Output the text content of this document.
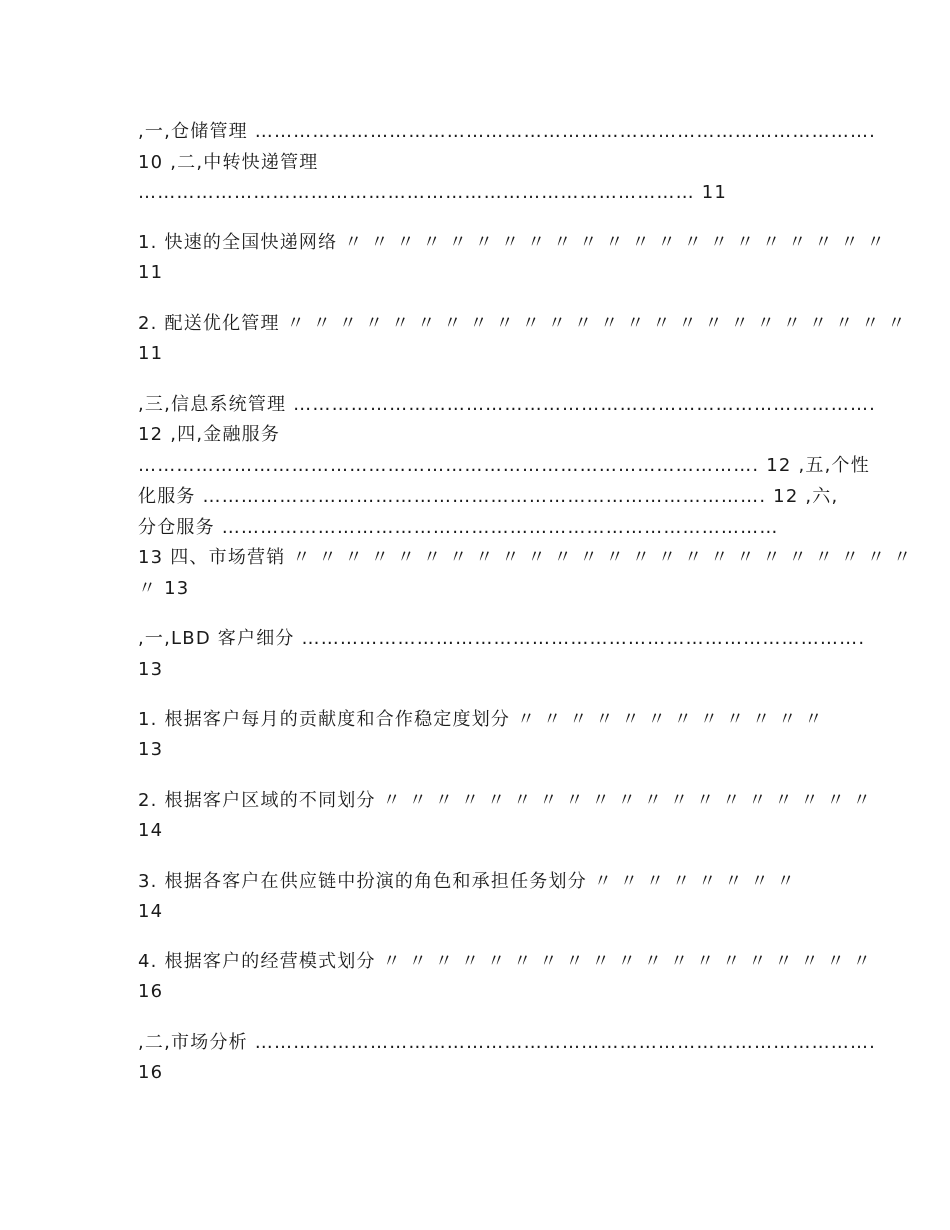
,一,仓储管理 …………………………………………………………………………………….
10 ,二,中转快递管理
…………………………………………………………………………… 11
1. 快速的全国快递网络 〃 〃 〃 〃 〃 〃 〃 〃 〃 〃 〃 〃 〃 〃 〃 〃 〃 〃 〃 〃 〃
11
2. 配送优化管理 〃 〃 〃 〃 〃 〃 〃 〃 〃 〃 〃 〃 〃 〃 〃 〃 〃 〃 〃 〃 〃 〃 〃 〃
11
,三,信息系统管理 ……………………………………………………………………………….
12 ,四,金融服务
……………………………………………………………………………………. 12 ,五,个性
化服务 ……………………………………………………………………………. 12 ,六,
分仓服务 ……………………………………………………………………………
13 四、市场营销 〃 〃 〃 〃 〃 〃 〃 〃 〃 〃 〃 〃 〃 〃 〃 〃 〃 〃 〃 〃 〃 〃 〃 〃
〃 13
,一,LBD 客户细分 …………………………………………………………………………….
13
1. 根据客户每月的贡献度和合作稳定度划分 〃 〃 〃 〃 〃 〃 〃 〃 〃 〃 〃 〃
13
2. 根据客户区域的不同划分 〃 〃 〃 〃 〃 〃 〃 〃 〃 〃 〃 〃 〃 〃 〃 〃 〃 〃 〃
14
3. 根据各客户在供应链中扮演的角色和承担任务划分 〃 〃 〃 〃 〃 〃 〃 〃
14
4. 根据客户的经营模式划分 〃 〃 〃 〃 〃 〃 〃 〃 〃 〃 〃 〃 〃 〃 〃 〃 〃 〃 〃
16
,二,市场分析 …………………………………………………………………………………….
16
